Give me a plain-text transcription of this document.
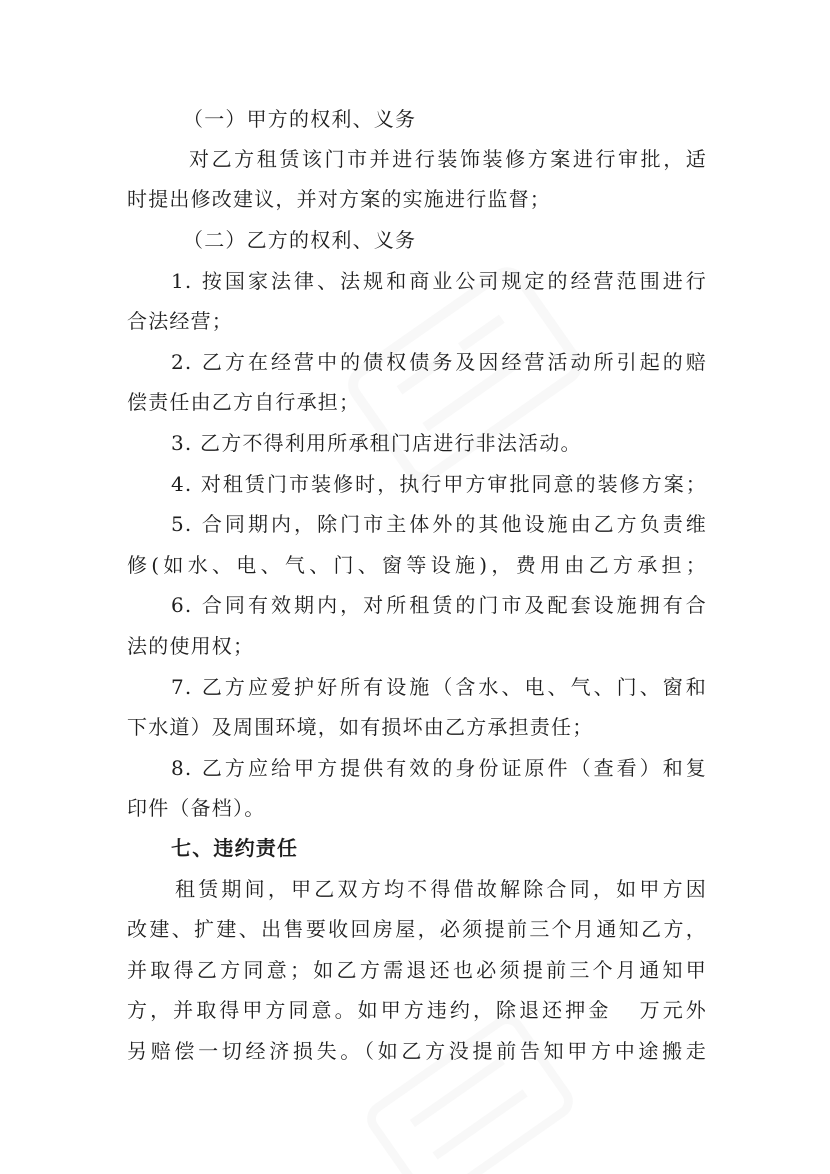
（一）甲方的权利、义务
对乙方租赁该门市并进行装饰装修方案进行审批，适
时提出修改建议，并对方案的实施进行监督；
（二）乙方的权利、义务
1. 按国家法律、法规和商业公司规定的经营范围进行
合法经营；
2. 乙方在经营中的债权债务及因经营活动所引起的赔
偿责任由乙方自行承担；
3. 乙方不得利用所承租门店进行非法活动。
4. 对租赁门市装修时，执行甲方审批同意的装修方案；
5. 合同期内，除门市主体外的其他设施由乙方负责维
修(如水、电、气、门、窗等设施)，费用由乙方承担；
6. 合同有效期内，对所租赁的门市及配套设施拥有合
法的使用权；
7. 乙方应爱护好所有设施（含水、电、气、门、窗和
下水道）及周围环境，如有损坏由乙方承担责任；
8. 乙方应给甲方提供有效的身份证原件（查看）和复
印件（备档）。
七、违约责任
租赁期间，甲乙双方均不得借故解除合同，如甲方因
改建、扩建、出售要收回房屋，必须提前三个月通知乙方，
并取得乙方同意；如乙方需退还也必须提前三个月通知甲
方，并取得甲方同意。如甲方违约，除退还押金   万元外
另赔偿一切经济损失。（如乙方没提前告知甲方中途搬走
